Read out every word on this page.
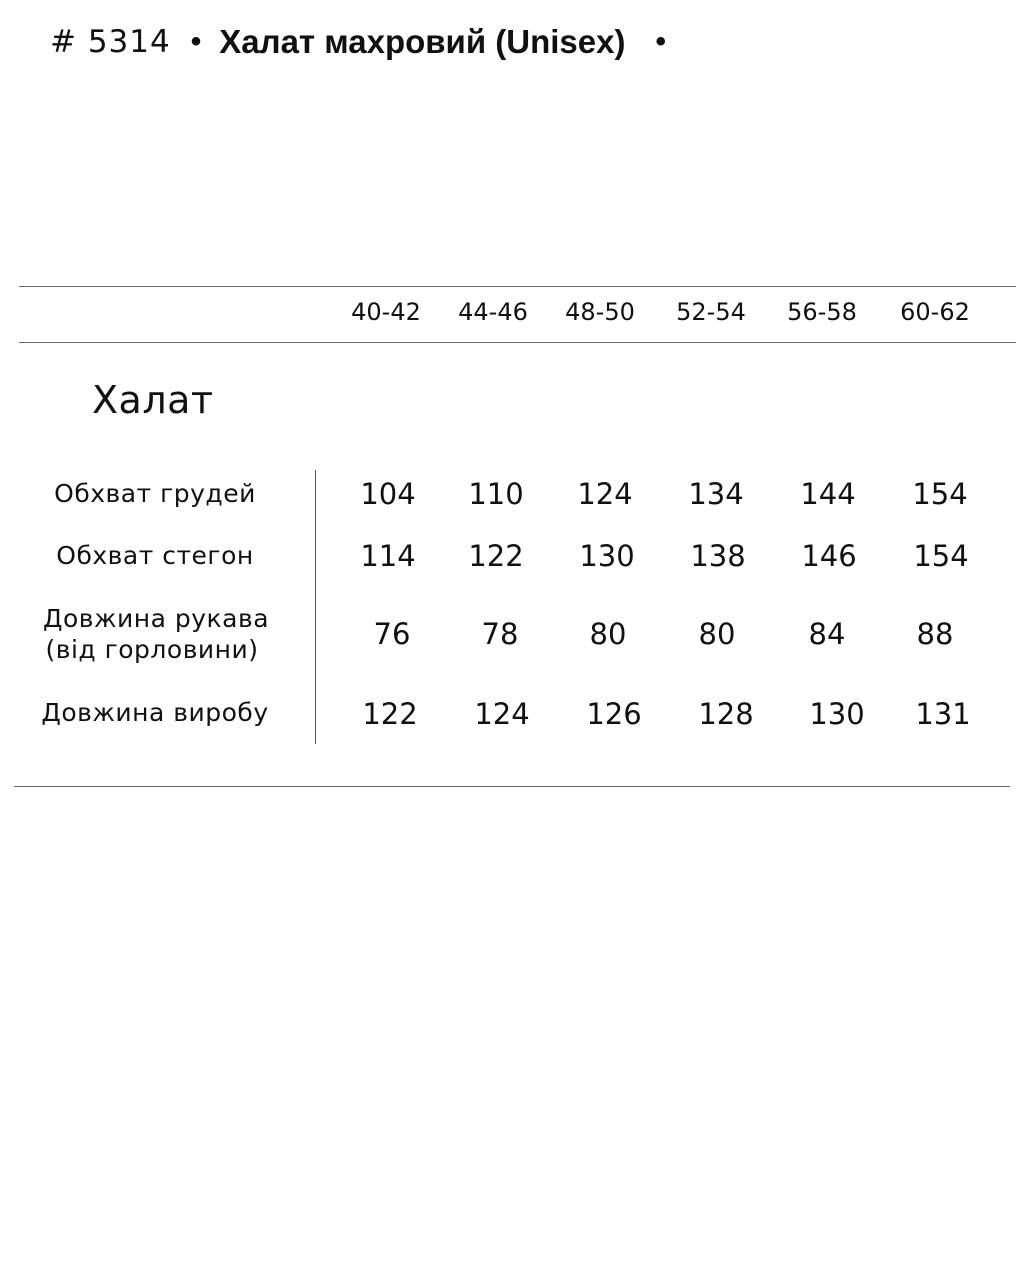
# 5314 • Халат махровий (Unisex) •
40-42 44-46 48-50 52-54 56-58 60-62
Халат
Обхват грудей	104 110 124 134 144 154
Обхват стегон	114 122 130 138 146 154
Довжина рукава
(від горловини)	76 78 80 80	84 88
Довжина виробу	122 124 126 128 130 131
